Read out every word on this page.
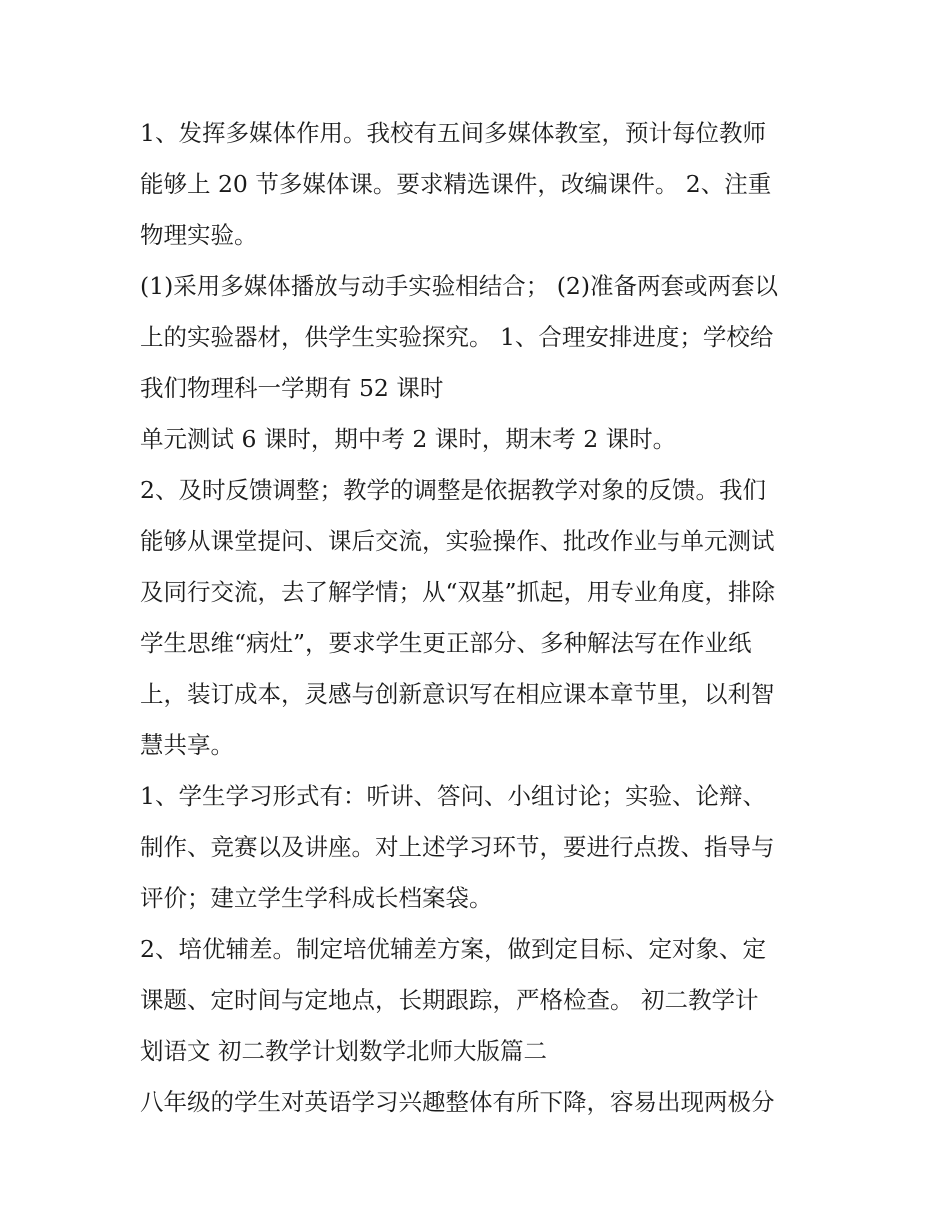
1、发挥多媒体作用。我校有五间多媒体教室，预计每位教师
能够上 20 节多媒体课。要求精选课件，改编课件。 2、注重
物理实验。
(1)采用多媒体播放与动手实验相结合； (2)准备两套或两套以
上的实验器材，供学生实验探究。 1、合理安排进度；学校给
我们物理科一学期有 52 课时
单元测试 6 课时，期中考 2 课时，期末考 2 课时。
2、及时反馈调整；教学的调整是依据教学对象的反馈。我们
能够从课堂提问、课后交流，实验操作、批改作业与单元测试
及同行交流，去了解学情；从“双基”抓起，用专业角度，排除
学生思维“病灶”，要求学生更正部分、多种解法写在作业纸
上，装订成本，灵感与创新意识写在相应课本章节里，以利智
慧共享。
1、学生学习形式有：听讲、答问、小组讨论；实验、论辩、
制作、竞赛以及讲座。对上述学习环节，要进行点拨、指导与
评价；建立学生学科成长档案袋。
2、培优辅差。制定培优辅差方案，做到定目标、定对象、定
课题、定时间与定地点，长期跟踪，严格检查。 初二教学计
划语文 初二教学计划数学北师大版篇二
八年级的学生对英语学习兴趣整体有所下降，容易出现两极分
